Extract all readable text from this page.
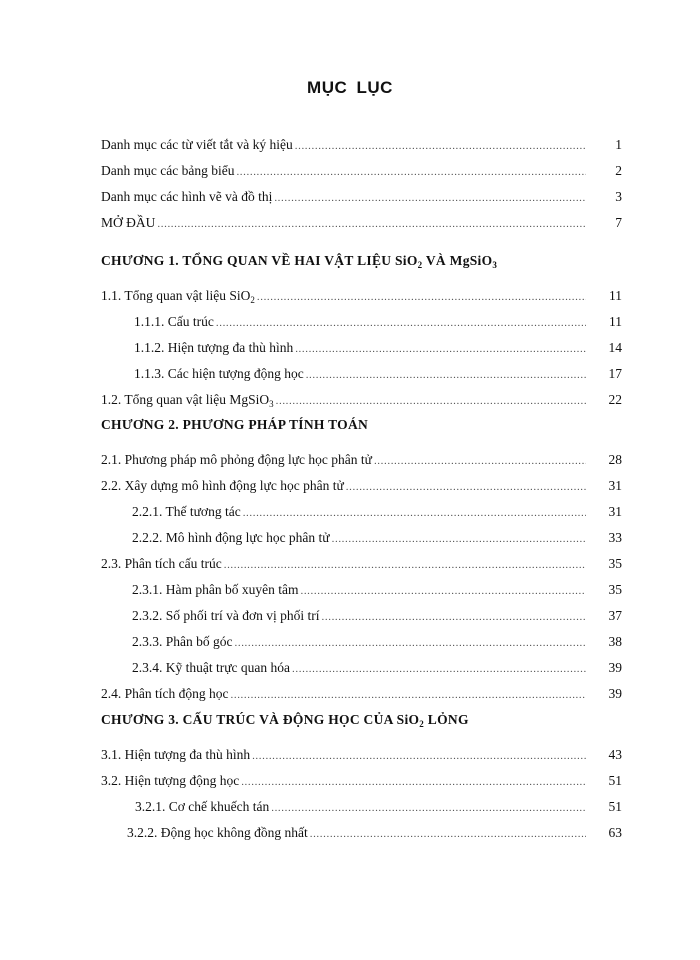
MỤC LỤC
Danh mục các từ viết tắt và ký hiệu .....	1
Danh mục các bảng biểu .....	2
Danh mục các hình vẽ và đồ thị .....	3
MỞ ĐẦU .....	7
CHƯƠNG 1. TỔNG QUAN VỀ HAI VẬT LIỆU SiO$_2$ VÀ MgSiO$_3$
1.1. Tổng quan vật liệu SiO$_2$ .....	11
1.1.1. Cấu trúc .....	11
1.1.2. Hiện tượng đa thù hình .....	14
1.1.3. Các hiện tượng động học .....	17
1.2. Tổng quan vật liệu MgSiO$_3$ .....	22
CHƯƠNG 2. PHƯƠNG PHÁP TÍNH TOÁN
2.1. Phương pháp mô phỏng động lực học phân tử .....	28
2.2. Xây dựng mô hình động lực học phân tử .....	31
2.2.1. Thế tương tác .....	31
2.2.2. Mô hình động lực học phân tử .....	33
2.3. Phân tích cấu trúc .....	35
2.3.1. Hàm phân bố xuyên tâm .....	35
2.3.2. Số phối trí và đơn vị phối trí .....	37
2.3.3. Phân bố góc .....	38
2.3.4. Kỹ thuật trực quan hóa .....	39
2.4. Phân tích động học .....	39
CHƯƠNG 3. CẤU TRÚC VÀ ĐỘNG HỌC CỦA SiO$_2$ LỎNG
3.1. Hiện tượng đa thù hình .....	43
3.2. Hiện tượng động học .....	51
3.2.1. Cơ chế khuếch tán .....	51
3.2.2. Động học không đồng nhất .....	63
